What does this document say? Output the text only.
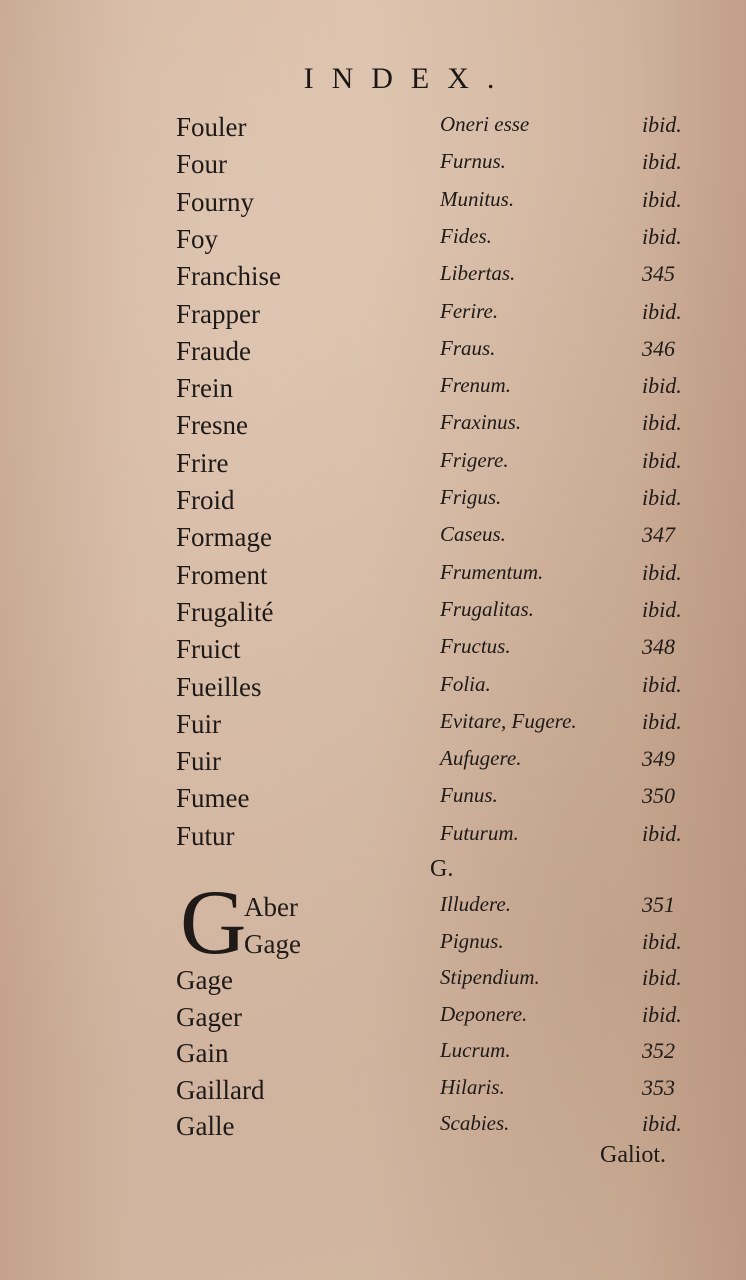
INDEX.
Fouler	Oneri esse	ibid.
Four	Furnus.	ibid.
Fourny	Munitus.	ibid.
Foy	Fides.	ibid.
Franchise	Libertas.	345
Frapper	Ferire.	ibid.
Fraude	Fraus.	346
Frein	Frenum.	ibid.
Fresne	Fraxinus.	ibid.
Frire	Frigere.	ibid.
Froid	Frigus.	ibid.
Formage	Caseus.	347
Froment	Frumentum.	ibid.
Frugalité	Frugalitas.	ibid.
Fruict	Fructus.	348
Fueilles	Folia.	ibid.
Fuir	Evitare, Fugere.	ibid.
Fuir	Aufugere.	349
Fumee	Funus.	350
Futur	Futurum.	ibid.
G.
G
Aber	Illudere.	351
Gage	Pignus.	ibid.
Gage	Stipendium.	ibid.
Gager	Deponere.	ibid.
Gain	Lucrum.	352
Gaillard	Hilaris.	353
Galle	Scabies.	ibid.
Galiot.
